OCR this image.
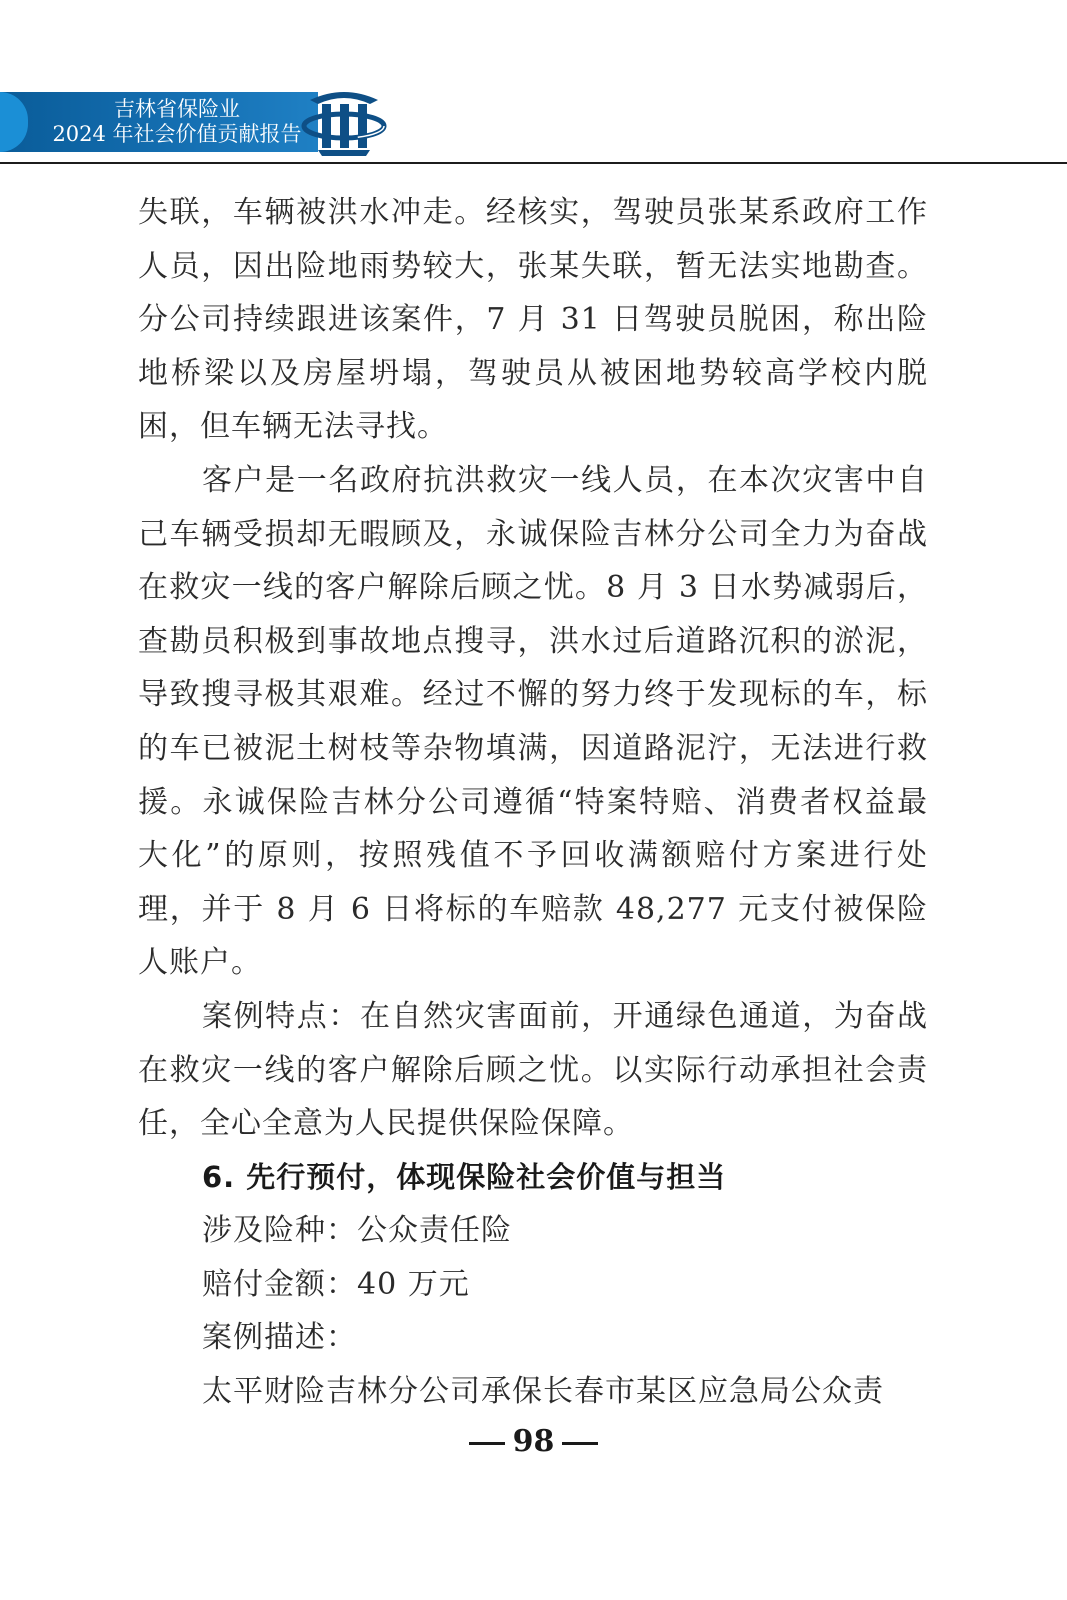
吉林省保险业
2024 年社会价值贡献报告

失联，车辆被洪水冲走。经核实，驾驶员张某系政府工作人员，因出险地雨势较大，张某失联，暂无法实地勘查。分公司持续跟进该案件，7 月 31 日驾驶员脱困，称出险地桥梁以及房屋坍塌，驾驶员从被困地势较高学校内脱困，但车辆无法寻找。

客户是一名政府抗洪救灾一线人员，在本次灾害中自己车辆受损却无暇顾及，永诚保险吉林分公司全力为奋战在救灾一线的客户解除后顾之忧。8 月 3 日水势减弱后，查勘员积极到事故地点搜寻，洪水过后道路沉积的淤泥，导致搜寻极其艰难。经过不懈的努力终于发现标的车，标的车已被泥土树枝等杂物填满，因道路泥泞，无法进行救援。永诚保险吉林分公司遵循“特案特赔、消费者权益最大化”的原则，按照残值不予回收满额赔付方案进行处理，并于 8 月 6 日将标的车赔款 48,277 元支付被保险人账户。

案例特点：在自然灾害面前，开通绿色通道，为奋战在救灾一线的客户解除后顾之忧。以实际行动承担社会责任，全心全意为人民提供保险保障。

6. 先行预付，体现保险社会价值与担当

涉及险种：公众责任险

赔付金额：40 万元

案例描述：

太平财险吉林分公司承保长春市某区应急局公众责

98
